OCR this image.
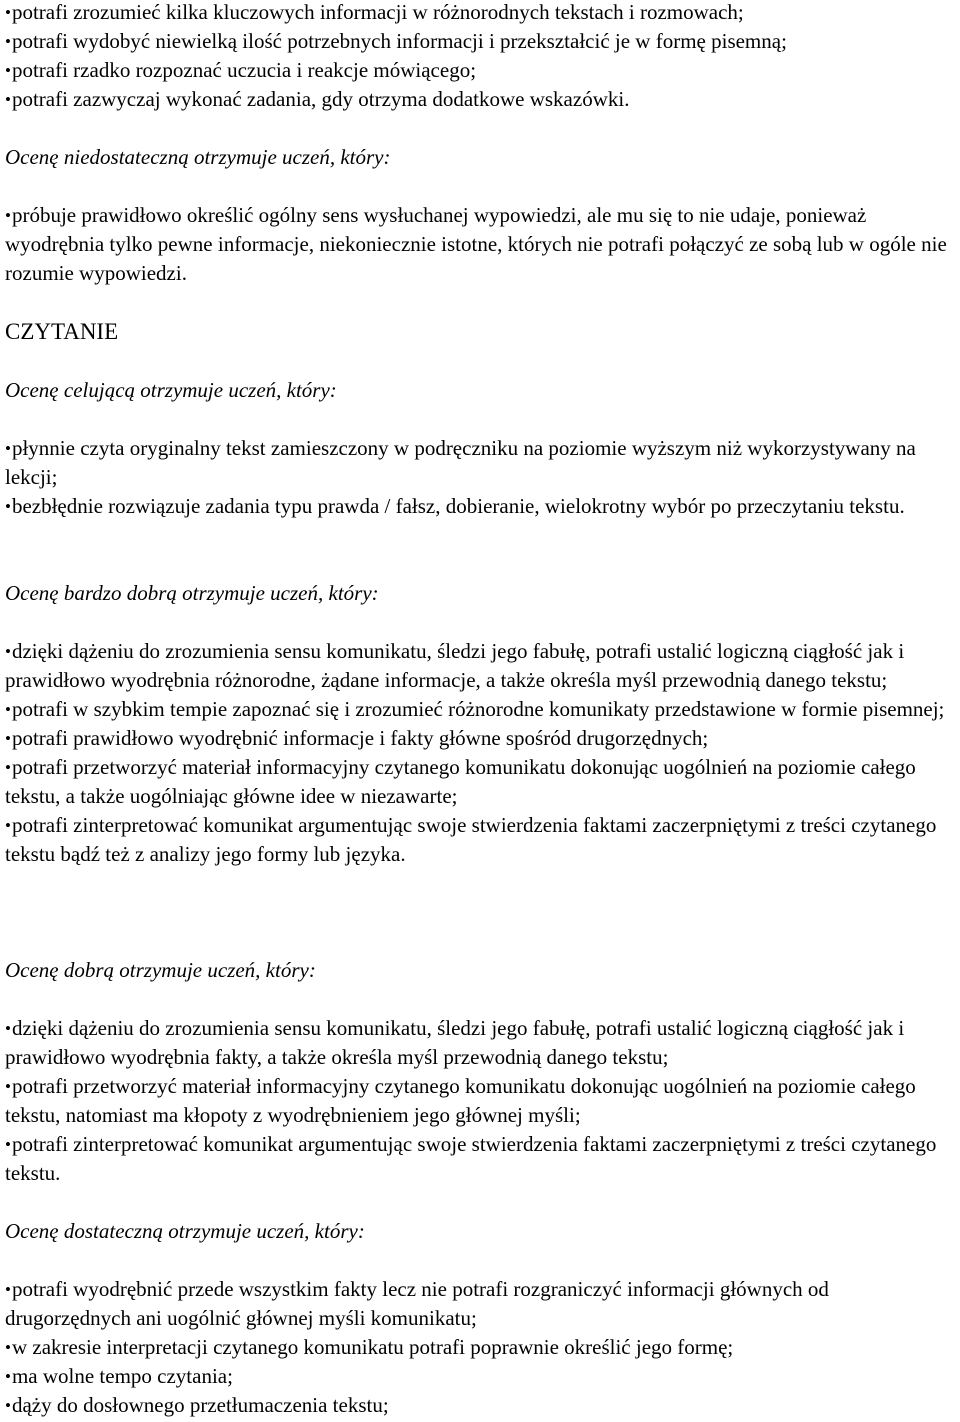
•potrafi zrozumieć kilka kluczowych informacji w różnorodnych tekstach i rozmowach;

•potrafi wydobyć niewielką ilość potrzebnych informacji i przekształcić je w formę pisemną;

•potrafi rzadko rozpoznać uczucia i reakcje mówiącego;

•potrafi zazwyczaj wykonać zadania, gdy otrzyma dodatkowe wskazówki.

Ocenę niedostateczną otrzymuje uczeń, który:

•próbuje prawidłowo określić ogólny sens wysłuchanej wypowiedzi, ale mu się to nie udaje, ponieważ wyodrębnia tylko pewne informacje, niekoniecznie istotne, których nie potrafi połączyć ze sobą lub w ogóle nie rozumie wypowiedzi.

CZYTANIE

Ocenę celującą otrzymuje uczeń, który:

•płynnie czyta oryginalny tekst zamieszczony w podręczniku na poziomie wyższym niż wykorzystywany na lekcji;

•bezbłędnie rozwiązuje zadania typu prawda / fałsz, dobieranie, wielokrotny wybór po przeczytaniu tekstu.

Ocenę bardzo dobrą otrzymuje uczeń, który:

•dzięki dążeniu do zrozumienia sensu komunikatu, śledzi jego fabułę, potrafi ustalić logiczną ciągłość jak i prawidłowo wyodrębnia różnorodne, żądane informacje, a także określa myśl przewodnią danego tekstu;

•potrafi w szybkim tempie zapoznać się i zrozumieć różnorodne komunikaty przedstawione w formie pisemnej;

•potrafi prawidłowo wyodrębnić informacje i fakty główne spośród drugorzędnych;

•potrafi przetworzyć materiał informacyjny czytanego komunikatu dokonując uogólnień na poziomie całego tekstu, a także uogólniając główne idee w niezawarte;

•potrafi zinterpretować komunikat argumentując swoje stwierdzenia faktami zaczerpniętymi z treści czytanego tekstu bądź też z analizy jego formy lub języka.

Ocenę dobrą otrzymuje uczeń, który:

•dzięki dążeniu do zrozumienia sensu komunikatu, śledzi jego fabułę, potrafi ustalić logiczną ciągłość jak i prawidłowo wyodrębnia fakty, a także określa myśl przewodnią danego tekstu;

•potrafi przetworzyć materiał informacyjny czytanego komunikatu dokonując uogólnień na poziomie całego tekstu, natomiast ma kłopoty z wyodrębnieniem jego głównej myśli;

•potrafi zinterpretować komunikat argumentując swoje stwierdzenia faktami zaczerpniętymi z treści czytanego tekstu.

Ocenę dostateczną otrzymuje uczeń, który:

•potrafi wyodrębnić przede wszystkim fakty lecz nie potrafi rozgraniczyć informacji głównych od drugorzędnych ani uogólnić głównej myśli komunikatu;

•w zakresie interpretacji czytanego komunikatu potrafi poprawnie określić jego formę;

•ma wolne tempo czytania;

•dąży do dosłownego przetłumaczenia tekstu;
